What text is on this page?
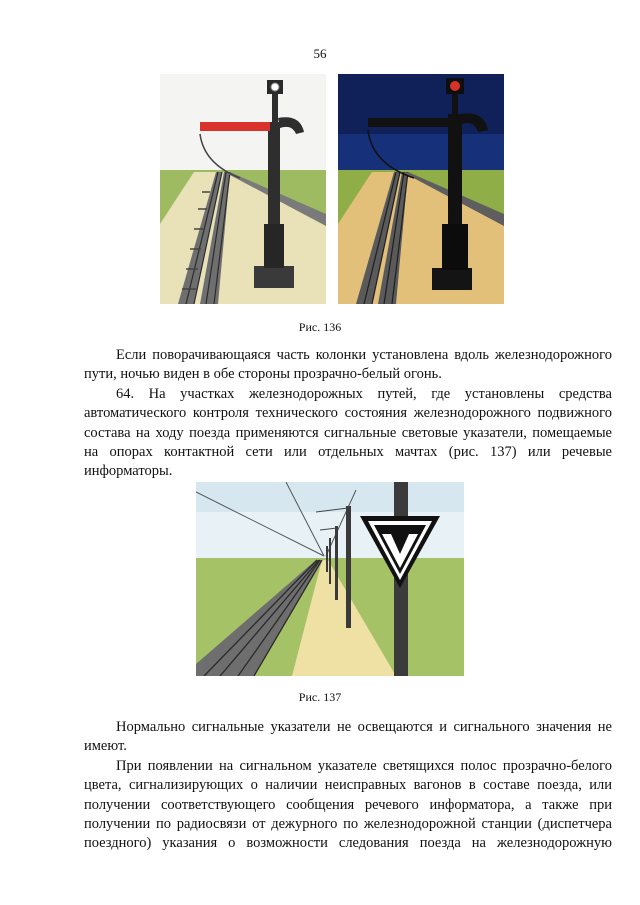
56
Рис. 136

Если поворачивающаяся часть колонки установлена вдоль железнодорожного пути, ночью виден в обе стороны прозрачно-белый огонь.

64. На участках железнодорожных путей, где установлены средства автоматического контроля технического состояния железнодорожного подвижного состава на ходу поезда применяются сигнальные световые указатели, помещаемые на опорах контактной сети или отдельных мачтах (рис. 137) или речевые информаторы.

Рис. 137

Нормально сигнальные указатели не освещаются и сигнального значения не имеют.

При появлении на сигнальном указателе светящихся полос прозрачно-белого цвета, сигнализирующих о наличии неисправных вагонов в составе поезда, или получении соответствующего сообщения речевого информатора, а также при получении по радиосвязи от дежурного по железнодорожной станции (диспетчера поездного) указания о возможности следования поезда на железнодорожную
